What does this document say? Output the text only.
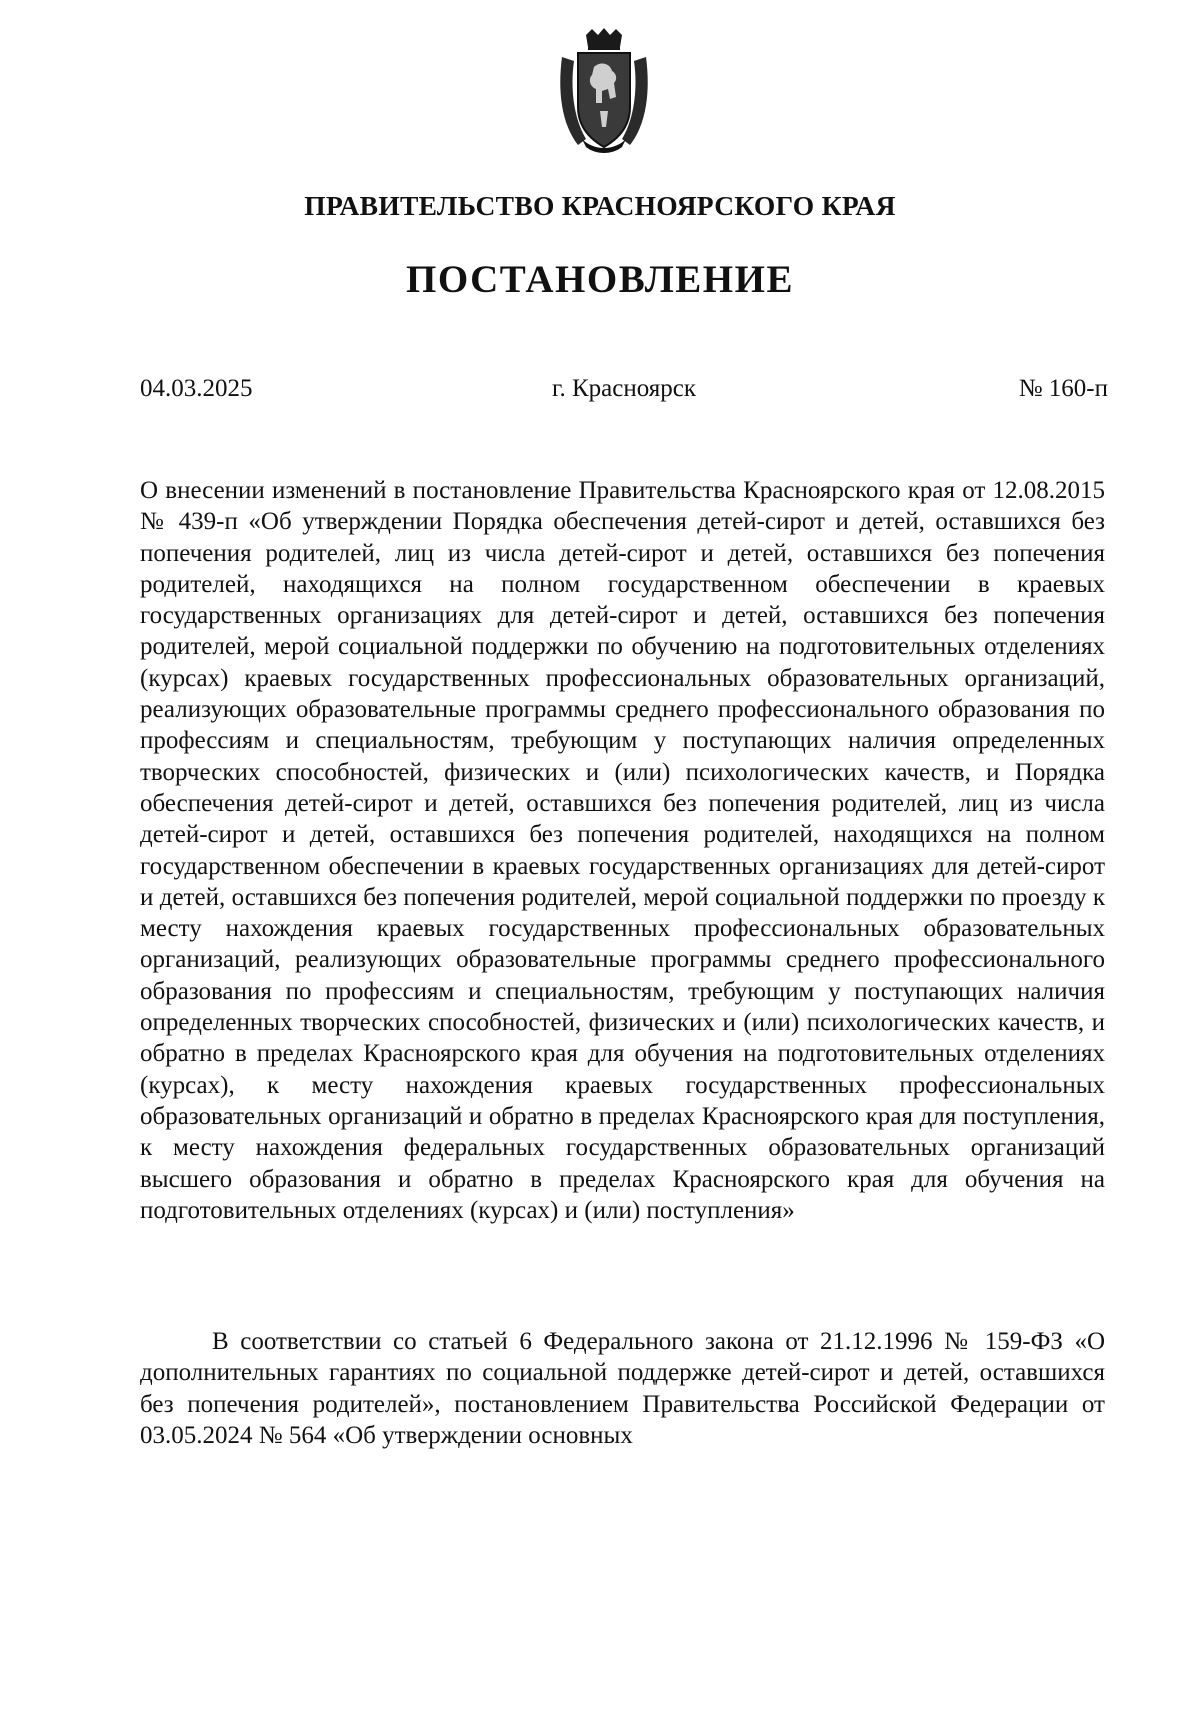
ПРАВИТЕЛЬСТВО КРАСНОЯРСКОГО КРАЯ
ПОСТАНОВЛЕНИЕ
04.03.2025	г. Красноярск	№ 160-п
О внесении изменений в постановление Правительства Красноярского края от 12.08.2015 № 439-п «Об утверждении Порядка обеспечения детей-сирот и детей, оставшихся без попечения родителей, лиц из числа детей-сирот и детей, оставшихся без попечения родителей, находящихся на полном государственном обеспечении в краевых государственных организациях для детей-сирот и детей, оставшихся без попечения родителей, мерой социальной поддержки по обучению на подготовительных отделениях (курсах) краевых государственных профессиональных образовательных организаций, реализующих образовательные программы среднего профессионального образования по профессиям и специальностям, требующим у поступающих наличия определенных творческих способностей, физических и (или) психологических качеств, и Порядка обеспечения детей-сирот и детей, оставшихся без попечения родителей, лиц из числа детей-сирот и детей, оставшихся без попечения родителей, находящихся на полном государственном обеспечении в краевых государственных организациях для детей-сирот и детей, оставшихся без попечения родителей, мерой социальной поддержки по проезду к месту нахождения краевых государственных профессиональных образовательных организаций, реализующих образовательные программы среднего профессионального образования по профессиям и специальностям, требующим у поступающих наличия определенных творческих способностей, физических и (или) психологических качеств, и обратно в пределах Красноярского края для обучения на подготовительных отделениях (курсах), к месту нахождения краевых государственных профессиональных образовательных организаций и обратно в пределах Красноярского края для поступления, к месту нахождения федеральных государственных образовательных организаций высшего образования и обратно в пределах Красноярского края для обучения на подготовительных отделениях (курсах) и (или) поступления»
В соответствии со статьей 6 Федерального закона от 21.12.1996 № 159-ФЗ «О дополнительных гарантиях по социальной поддержке детей-сирот и детей, оставшихся без попечения родителей», постановлением Правительства Российской Федерации от 03.05.2024 № 564 «Об утверждении основных
